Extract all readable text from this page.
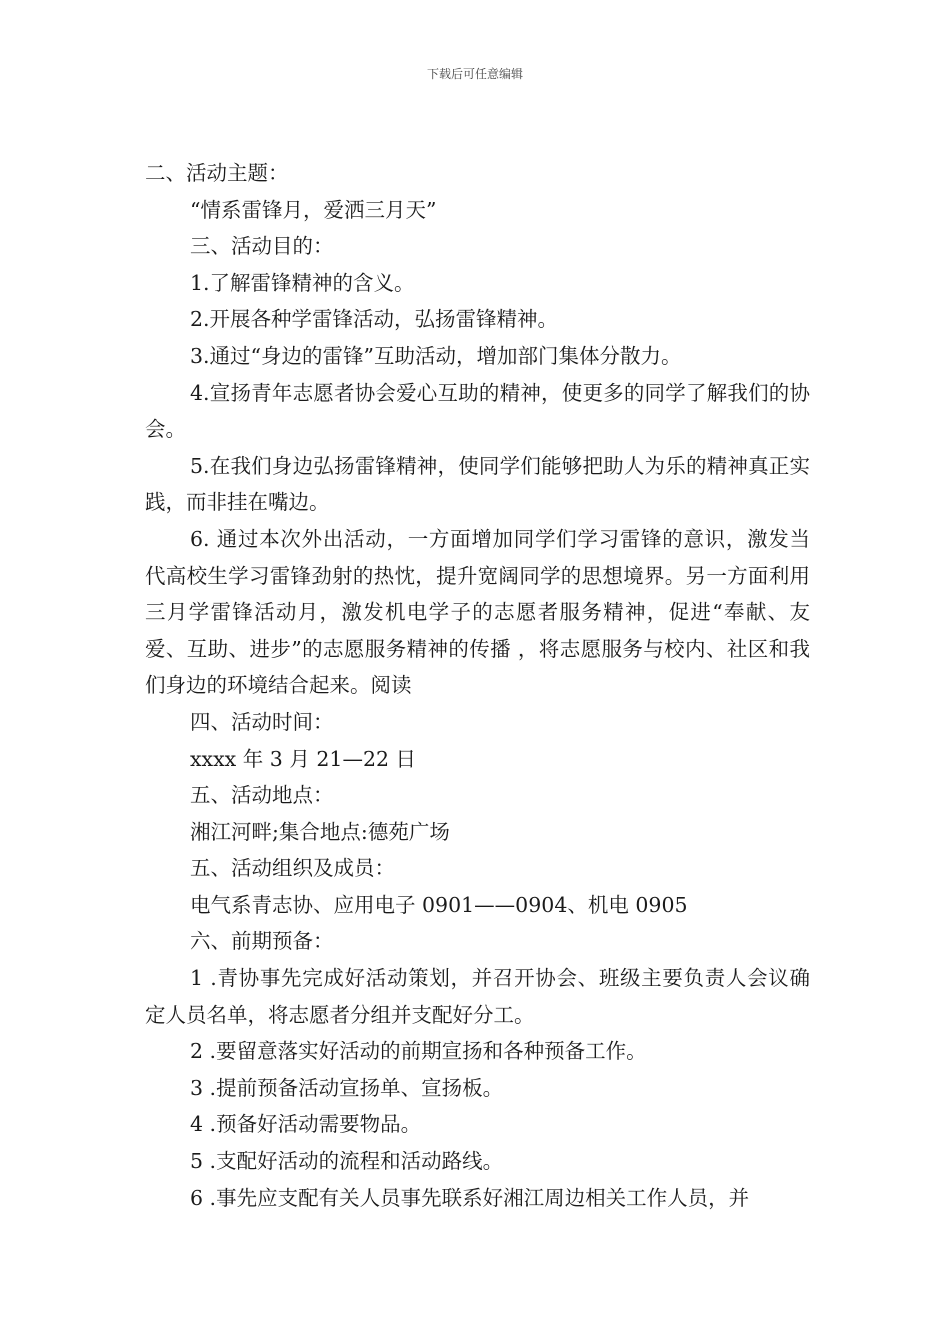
下载后可任意编辑

二、活动主题：

“情系雷锋月，爱洒三月天”

三、活动目的：

1.了解雷锋精神的含义。

2.开展各种学雷锋活动，弘扬雷锋精神。

3.通过“身边的雷锋”互助活动，增加部门集体分散力。

4.宣扬青年志愿者协会爱心互助的精神，使更多的同学了解我们的协会。

5.在我们身边弘扬雷锋精神，使同学们能够把助人为乐的精神真正实践，而非挂在嘴边。

6. 通过本次外出活动，一方面增加同学们学习雷锋的意识，激发当代高校生学习雷锋劲射的热忱，提升宽阔同学的思想境界。另一方面利用三月学雷锋活动月，激发机电学子的志愿者服务精神，促进“奉献、友爱、互助、进步”的志愿服务精神的传播 ，将志愿服务与校内、社区和我们身边的环境结合起来。阅读

四、活动时间：

xxxx 年 3 月 21—22 日

五、活动地点：

湘江河畔;集合地点:德苑广场

五、活动组织及成员：

电气系青志协、应用电子 0901——0904、机电 0905

六、前期预备：

1 .青协事先完成好活动策划，并召开协会、班级主要负责人会议确定人员名单，将志愿者分组并支配好分工。

2 .要留意落实好活动的前期宣扬和各种预备工作。

3 .提前预备活动宣扬单、宣扬板。

4 .预备好活动需要物品。

5 .支配好活动的流程和活动路线。

6 .事先应支配有关人员事先联系好湘江周边相关工作人员，并
